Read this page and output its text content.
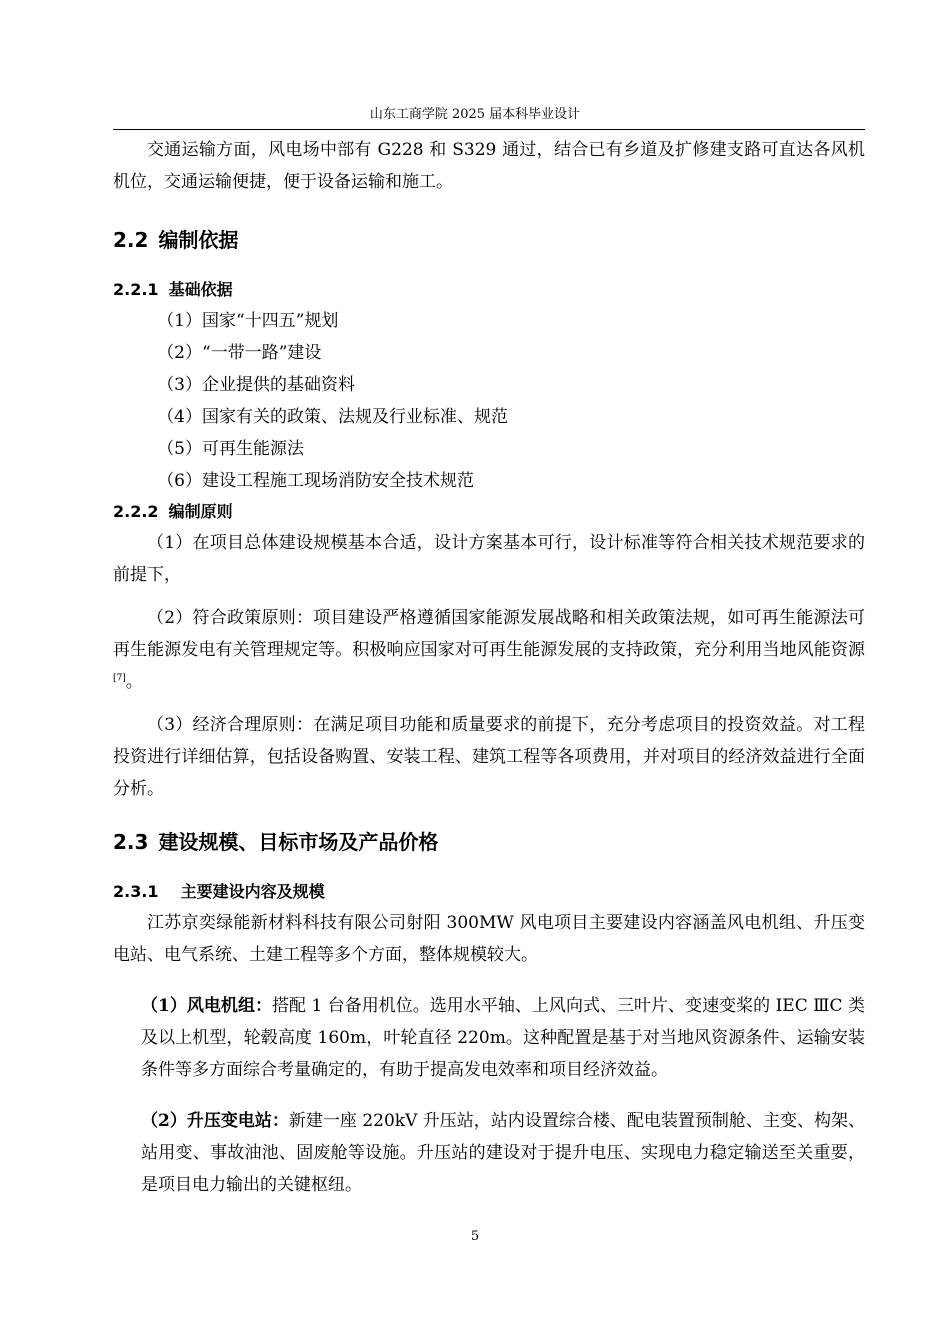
山东工商学院 2025 届本科毕业设计

交通运输方面，风电场中部有 G228 和 S329 通过，结合已有乡道及扩修建支路可直达各风机机位，交通运输便捷，便于设备运输和施工。

2.2 编制依据
2.2.1 基础依据

（1）国家“十四五”规划

（2）“一带一路”建设

（3）企业提供的基础资料

（4）国家有关的政策、法规及行业标准、规范

（5）可再生能源法

（6）建设工程施工现场消防安全技术规范

2.2.2 编制原则

（1）在项目总体建设规模基本合适，设计方案基本可行，设计标准等符合相关技术规范要求的前提下，

（2）符合政策原则：项目建设严格遵循国家能源发展战略和相关政策法规，如可再生能源法可再生能源发电有关管理规定等。积极响应国家对可再生能源发展的支持政策，充分利用当地风能资源[7]。

（3）经济合理原则：在满足项目功能和质量要求的前提下，充分考虑项目的投资效益。对工程投资进行详细估算，包括设备购置、安装工程、建筑工程等各项费用，并对项目的经济效益进行全面分析。

2.3 建设规模、目标市场及产品价格
2.3.1 主要建设内容及规模

江苏京奕绿能新材料科技有限公司射阳 300MW 风电项目主要建设内容涵盖风电机组、升压变电站、电气系统、土建工程等多个方面，整体规模较大。

（1）风电机组：搭配 1 台备用机位。选用水平轴、上风向式、三叶片、变速变桨的 IEC ⅢC 类及以上机型，轮毂高度 160m，叶轮直径 220m。这种配置是基于对当地风资源条件、运输安装条件等多方面综合考量确定的，有助于提高发电效率和项目经济效益。

（2）升压变电站：新建一座 220kV 升压站，站内设置综合楼、配电装置预制舱、主变、构架、站用变、事故油池、固废舱等设施。升压站的建设对于提升电压、实现电力稳定输送至关重要，是项目电力输出的关键枢纽。

5
